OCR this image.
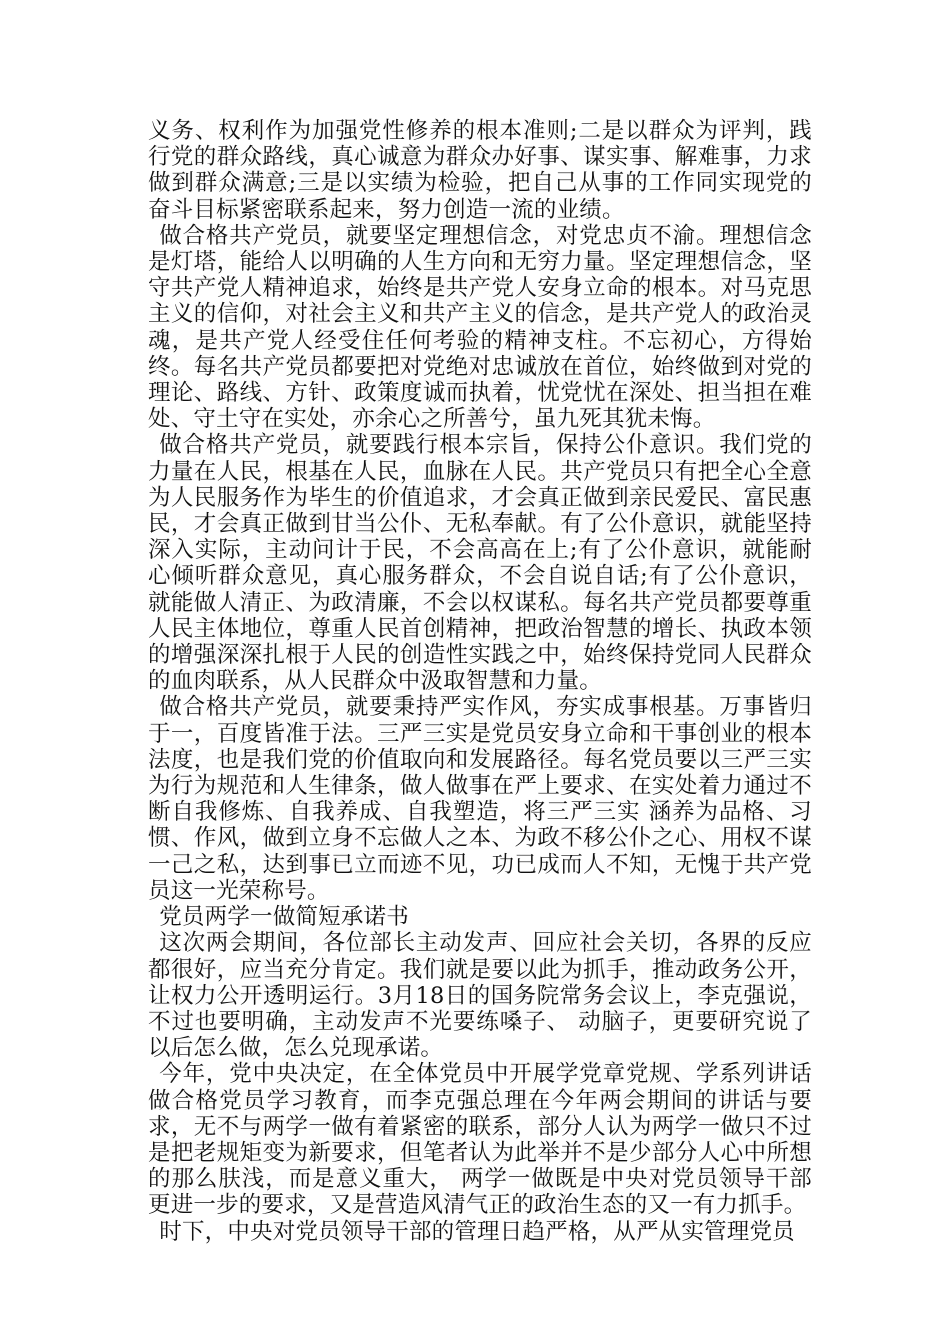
义务、权利作为加强党性修养的根本准则;二是以群众为评判，践行党的群众路线，真心诚意为群众办好事、谋实事、解难事，力求做到群众满意;三是以实绩为检验，把自己从事的工作同实现党的奋斗目标紧密联系起来，努力创造一流的业绩。

做合格共产党员，就要坚定理想信念，对党忠贞不渝。理想信念是灯塔，能给人以明确的人生方向和无穷力量。坚定理想信念，坚守共产党人精神追求，始终是共产党人安身立命的根本。对马克思主义的信仰，对社会主义和共产主义的信念，是共产党人的政治灵魂，是共产党人经受住任何考验的精神支柱。不忘初心，方得始终。每名共产党员都要把对党绝对忠诚放在首位，始终做到对党的理论、路线、方针、政策度诚而执着，忧党忧在深处、担当担在难处、守土守在实处，亦余心之所善兮，虽九死其犹未悔。

做合格共产党员，就要践行根本宗旨，保持公仆意识。我们党的力量在人民，根基在人民，血脉在人民。共产党员只有把全心全意为人民服务作为毕生的价值追求，才会真正做到亲民爱民、富民惠民，才会真正做到甘当公仆、无私奉献。有了公仆意识，就能坚持深入实际，主动问计于民，不会高高在上;有了公仆意识，就能耐心倾听群众意见，真心服务群众，不会自说自话;有了公仆意识，就能做人清正、为政清廉，不会以权谋私。每名共产党员都要尊重人民主体地位，尊重人民首创精神，把政治智慧的增长、执政本领的增强深深扎根于人民的创造性实践之中，始终保持党同人民群众的血肉联系，从人民群众中汲取智慧和力量。

做合格共产党员，就要秉持严实作风，夯实成事根基。万事皆归于一，百度皆准于法。三严三实是党员安身立命和干事创业的根本法度，也是我们党的价值取向和发展路径。每名党员要以三严三实为行为规范和人生律条，做人做事在严上要求、在实处着力通过不断自我修炼、自我养成、自我塑造，将三严三实 涵养为品格、习惯、作风，做到立身不忘做人之本、为政不移公仆之心、用权不谋一己之私，达到事已立而迹不见，功已成而人不知，无愧于共产党员这一光荣称号。

党员两学一做简短承诺书

这次两会期间，各位部长主动发声、回应社会关切，各界的反应都很好，应当充分肯定。我们就是要以此为抓手，推动政务公开，让权力公开透明运行。3月18日的国务院常务会议上，李克强说，不过也要明确，主动发声不光要练嗓子、 动脑子，更要研究说了以后怎么做，怎么兑现承诺。

今年，党中央决定，在全体党员中开展学党章党规、学系列讲话做合格党员学习教育，而李克强总理在今年两会期间的讲话与要求，无不与两学一做有着紧密的联系，部分人认为两学一做只不过是把老规矩变为新要求，但笔者认为此举并不是少部分人心中所想的那么肤浅，而是意义重大， 两学一做既是中央对党员领导干部更进一步的要求，又是营造风清气正的政治生态的又一有力抓手。

时下，中央对党员领导干部的管理日趋严格，从严从实管理党员
